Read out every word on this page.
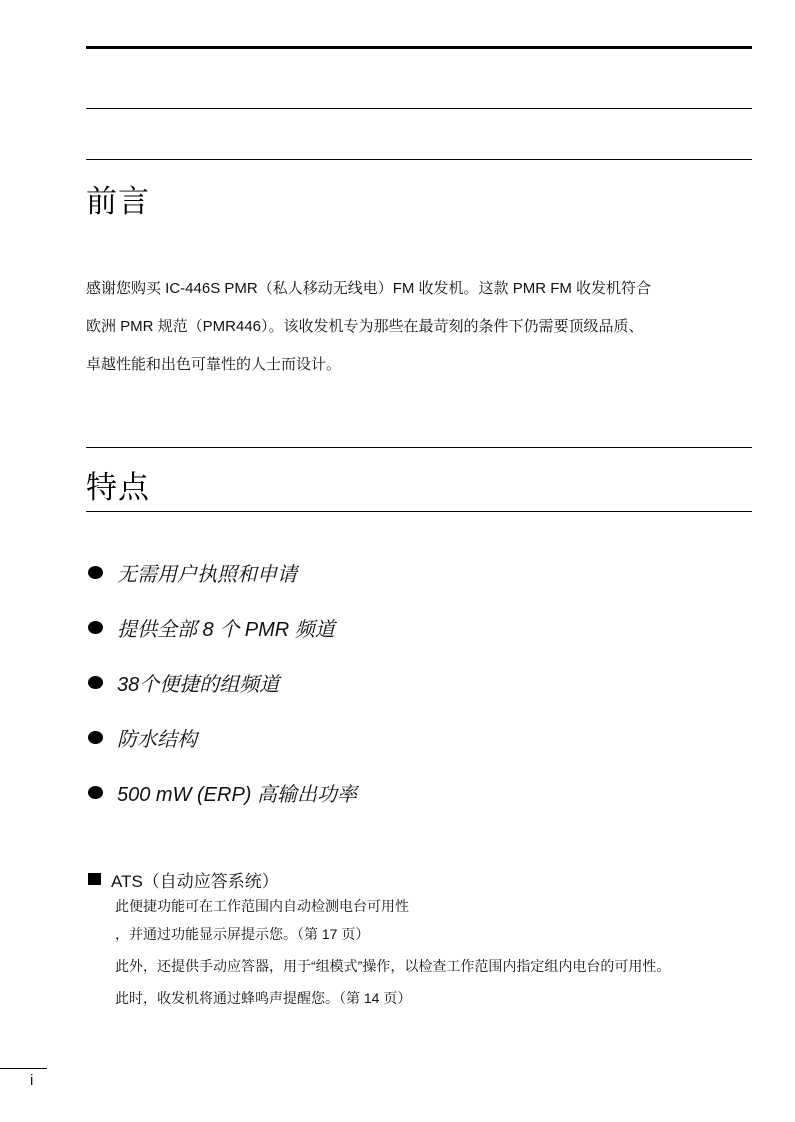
前言

感谢您购买 IC-446S PMR（私人移动无线电）FM 收发机。这款 PMR FM 收发机符合

欧洲 PMR 规范（PMR446）。该收发机专为那些在最苛刻的条件下仍需要顶级品质、

卓越性能和出色可靠性的人士而设计。

特点
无需用户执照和申请
提供全部 8 个 PMR 频道
38个便捷的组频道
防水结构
500 mW (ERP) 高输出功率
ATS（自动应答系统）

此便捷功能可在工作范围内自动检测电台可用性

，并通过功能显示屏提示您。（第 17 页）

此外，还提供手动应答器，用于“组模式”操作，以检查工作范围内指定组内电台的可用性。

此时，收发机将通过蜂鸣声提醒您。（第 14 页）

i
